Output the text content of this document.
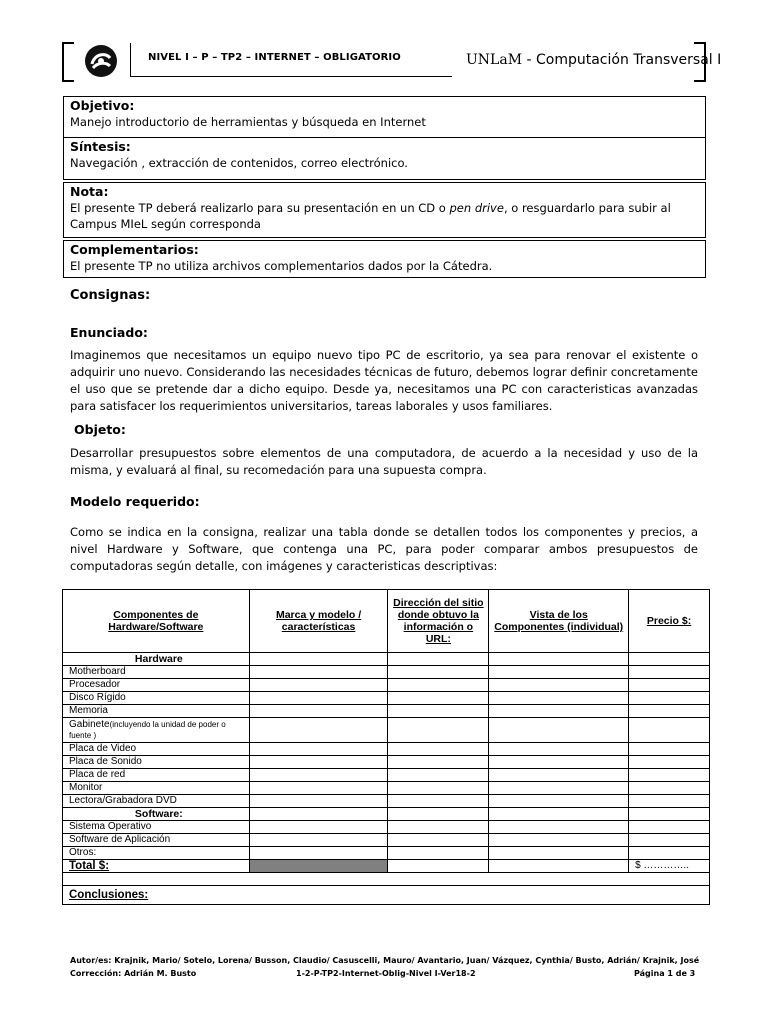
NIVEL I – P – TP2 – INTERNET – OBLIGATORIO	UNLaM - Computación Transversal I
Objetivo:
Manejo introductorio de herramientas y búsqueda en Internet
Síntesis:
Navegación , extracción de contenidos, correo electrónico.
Nota:
El presente TP deberá realizarlo para su presentación en un CD o pen drive, o resguardarlo para subir al Campus MIeL según corresponda
Complementarios:
El presente TP no utiliza archivos complementarios dados por la Cátedra.
Consignas:
Enunciado:
Imaginemos que necesitamos un equipo nuevo tipo PC de escritorio, ya sea para renovar el existente o adquirir uno nuevo. Considerando las necesidades técnicas de futuro, debemos lograr definir concretamente el uso que se pretende dar a dicho equipo. Desde ya, necesitamos una PC con caracteristicas avanzadas para satisfacer los requerimientos universitarios, tareas laborales y usos familiares.
Objeto:
Desarrollar presupuestos sobre elementos de una computadora, de acuerdo a la necesidad y uso de la misma, y evaluará al final, su recomedación para una supuesta compra.
Modelo requerido:
Como se indica en la consigna, realizar una tabla donde se detallen todos los componentes y precios, a nivel Hardware y Software, que contenga una PC, para poder comparar ambos presupuestos de computadoras según detalle, con imágenes y caracteristicas descriptivas:
Componentes de Hardware/Software	Marca y modelo / características	Dirección del sitio donde obtuvo la información o URL:	Vista de los Componentes (individual)	Precio $:
Hardware				
Motherboard				
Procesador				
Disco Rígido				
Memoria				
Gabinete(incluyendo la unidad de poder o fuente )				
Placa de Video				
Placa de Sonido				
Placa de red				
Monitor				
Lectora/Grabadora DVD				
Software:				
Sistema Operativo				
Software de Aplicación				
Otros:				
Total $:				$ …………..

Conclusiones:				
Autor/es: Krajnik, Mario/ Sotelo, Lorena/ Busson, Claudio/ Casuscelli, Mauro/ Avantario, Juan/ Vázquez, Cynthia/ Busto, Adrián/ Krajnik, José
Corrección: Adrián M. Busto	1-2-P-TP2-Internet-Oblig-Nivel I-Ver18-2	Página 1 de 3
